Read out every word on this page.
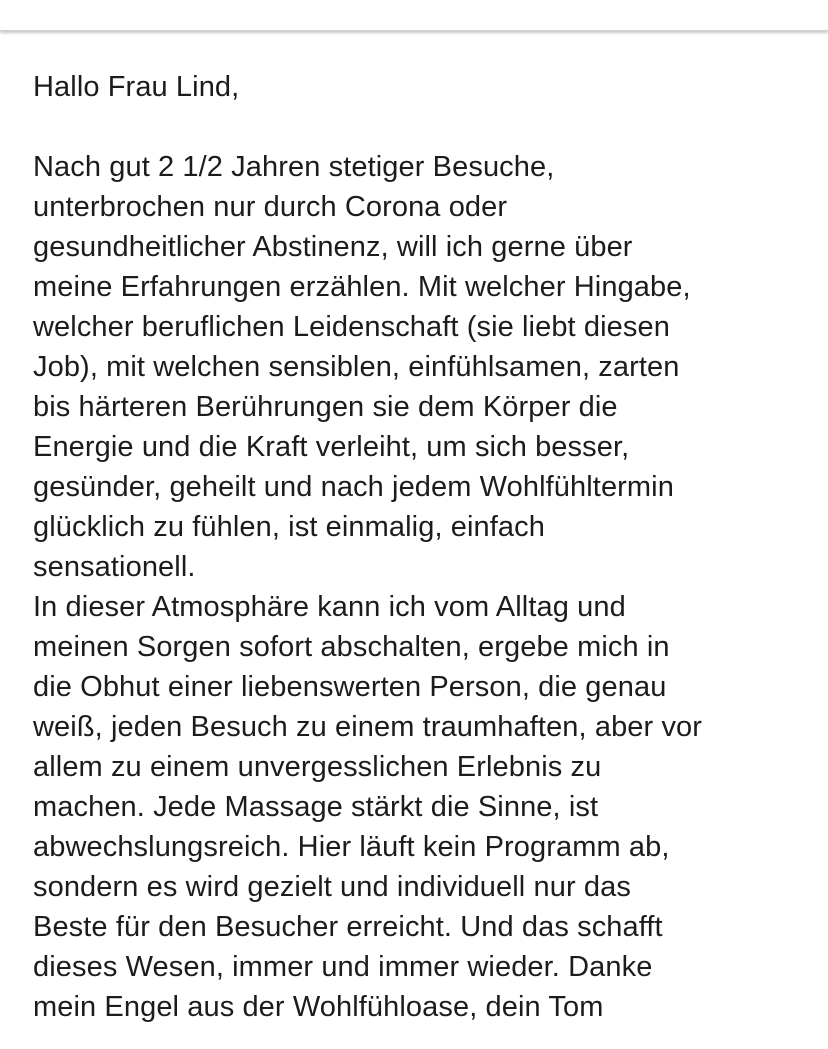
Hallo Frau Lind,
Nach gut 2 1/2 Jahren stetiger Besuche,
unterbrochen nur durch Corona oder
gesundheitlicher Abstinenz, will ich gerne über
meine Erfahrungen erzählen. Mit welcher Hingabe,
welcher beruflichen Leidenschaft (sie liebt diesen
Job), mit welchen sensiblen, einfühlsamen, zarten
bis härteren Berührungen sie dem Körper die
Energie und die Kraft verleiht, um sich besser,
gesünder, geheilt und nach jedem Wohlfühltermin
glücklich zu fühlen, ist einmalig, einfach
sensationell.
In dieser Atmosphäre kann ich vom Alltag und
meinen Sorgen sofort abschalten, ergebe mich in
die Obhut einer liebenswerten Person, die genau
weiß, jeden Besuch zu einem traumhaften, aber vor
allem zu einem unvergesslichen Erlebnis zu
machen. Jede Massage stärkt die Sinne, ist
abwechslungsreich. Hier läuft kein Programm ab,
sondern es wird gezielt und individuell nur das
Beste für den Besucher erreicht. Und das schafft
dieses Wesen, immer und immer wieder. Danke
mein Engel aus der Wohlfühloase, dein Tom
